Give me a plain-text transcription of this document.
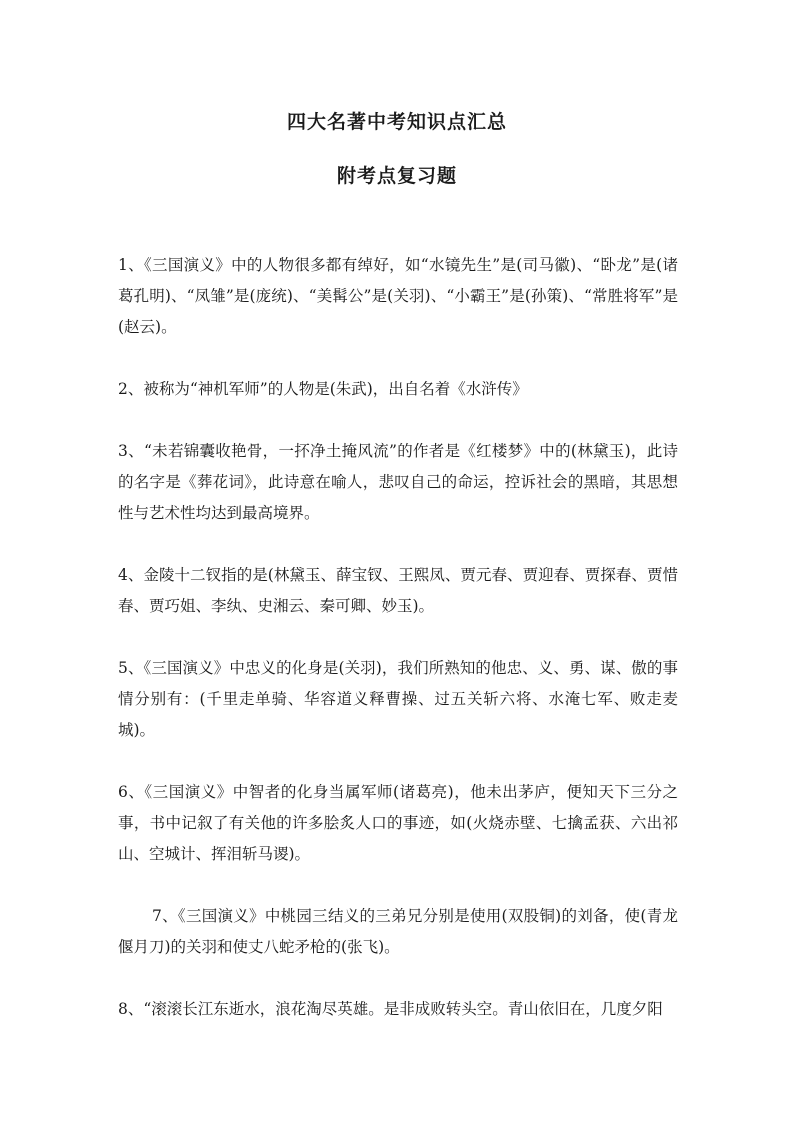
四大名著中考知识点汇总
附考点复习题

1、《三国演义》中的人物很多都有绰好，如“水镜先生”是(司马徽)、“卧龙”是(诸葛孔明)、“凤雏”是(庞统)、“美髯公”是(关羽)、“小霸王”是(孙策)、“常胜将军”是(赵云)。

2、被称为“神机军师”的人物是(朱武)，出自名着《水浒传》

3、“未若锦囊收艳骨，一抔净土掩风流”的作者是《红楼梦》中的(林黛玉)，此诗的名字是《葬花词》，此诗意在喻人，悲叹自己的命运，控诉社会的黑暗，其思想性与艺术性均达到最高境界。

4、金陵十二钗指的是(林黛玉、薛宝钗、王熙凤、贾元春、贾迎春、贾探春、贾惜春、贾巧姐、李纨、史湘云、秦可卿、妙玉)。

5、《三国演义》中忠义的化身是(关羽)，我们所熟知的他忠、义、勇、谋、傲的事情分别有：(千里走单骑、华容道义释曹操、过五关斩六将、水淹七军、败走麦城)。

6、《三国演义》中智者的化身当属军师(诸葛亮)，他未出茅庐，便知天下三分之事，书中记叙了有关他的许多脍炙人口的事迹，如(火烧赤壁、七擒孟获、六出祁山、空城计、挥泪斩马谡)。

7、《三国演义》中桃园三结义的三弟兄分别是使用(双股铜)的刘备，使(青龙偃月刀)的关羽和使丈八蛇矛枪的(张飞)。

8、“滚滚长江东逝水，浪花淘尽英雄。是非成败转头空。青山依旧在，几度夕阳
